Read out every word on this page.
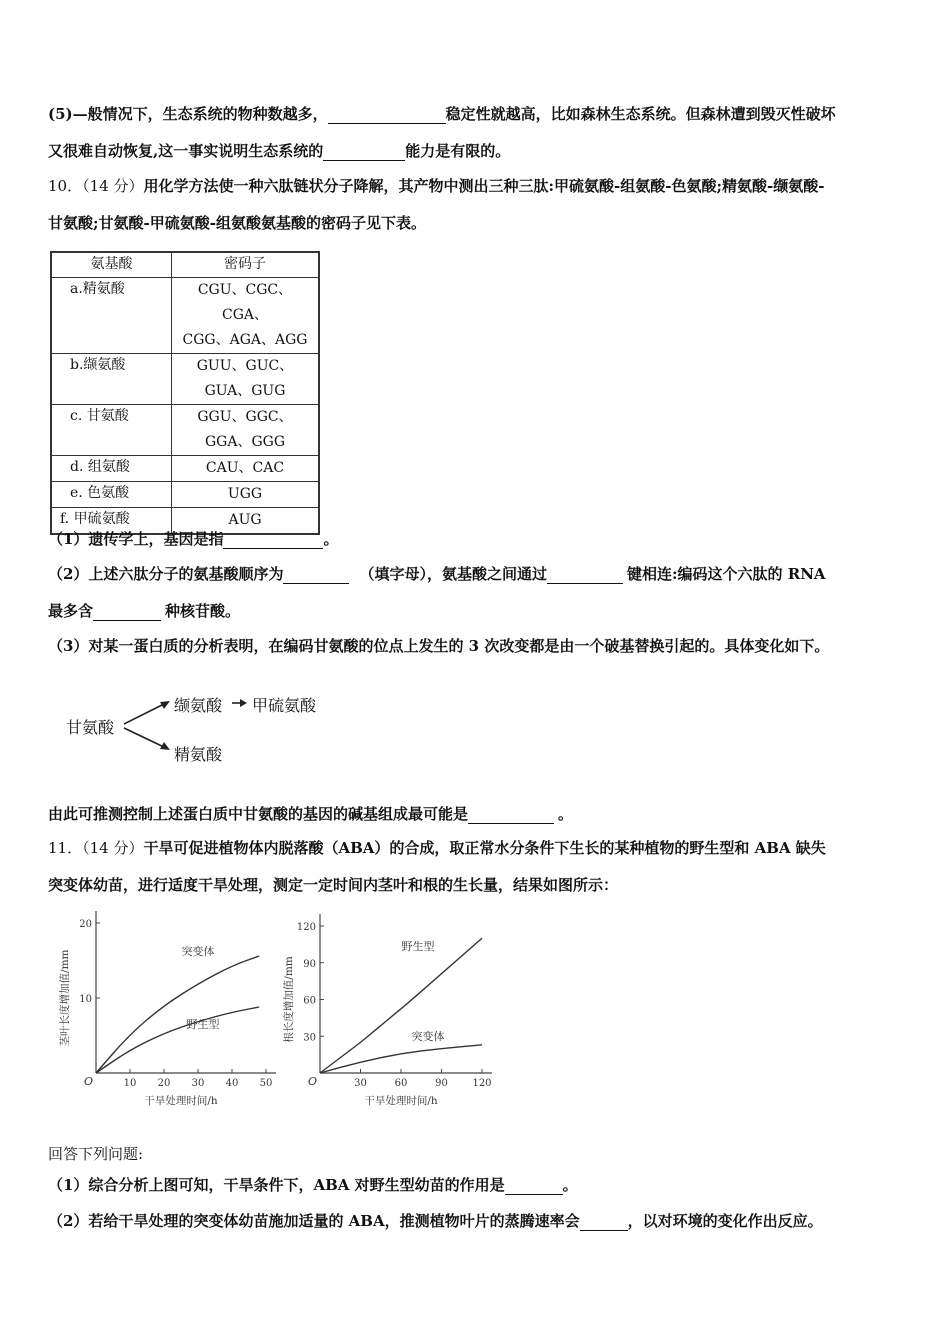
(5)—般情况下，生态系统的物种数越多，	稳定性就越高，比如森林生态系统。但森林遭到毁灭性破坏
又很难自动恢复,这一事实说明生态系统的	能力是有限的。
10．（14 分）用化学方法使一种六肽链状分子降解，其产物中测出三种三肽:甲硫氨酸-组氨酸-色氨酸;精氨酸-缬氨酸-
甘氨酸;甘氨酸-甲硫氨酸-组氨酸氨基酸的密码子见下表。
氨基酸	密码子
a.精氨酸	CGU、CGC、CGA、
CGG、AGA、AGG

b.缬氨酸	GUU、GUC、
GUA、GUG

c. 甘氨酸	GGU、GGC、
GGA、GGG

d. 组氨酸	CAU、CAC
e. 色氨酸	UGG
f. 甲硫氨酸	AUG
（1）遗传学上，基因是指	。
（2）上述六肽分子的氨基酸顺序为	（填字母），氨基酸之间通过	键相连:编码这个六肽的 RNA
最多含	种核苷酸。
（3）对某一蛋白质的分析表明，在编码甘氨酸的位点上发生的 3 次改变都是由一个破基替换引起的。具体变化如下。
甘氨酸
缬氨酸 甲硫氨酸
精氨酸
由此可推测控制上述蛋白质中甘氨酸的基因的碱基组成最可能是	。
11．（14 分）干旱可促进植物体内脱落酸（ABA）的合成，取正常水分条件下生长的某种植物的野生型和 ABA 缺失
突变体幼苗，进行适度干旱处理，测定一定时间内茎叶和根的生长量，结果如图所示：
O	10 20 30 40 50
10
20
干旱处理时间/h
茎叶长度增加值/mm	突变体
野生型
O	30	60	90 120
30
60
90
120
干旱处理时间/h
根长度增加值/mm
野生型
突变体
回答下列问题:
（1）综合分析上图可知，干旱条件下，ABA 对野生型幼苗的作用是	。
（2）若给干旱处理的突变体幼苗施加适量的 ABA，推测植物叶片的蒸腾速率会	，以对环境的变化作出反应。
